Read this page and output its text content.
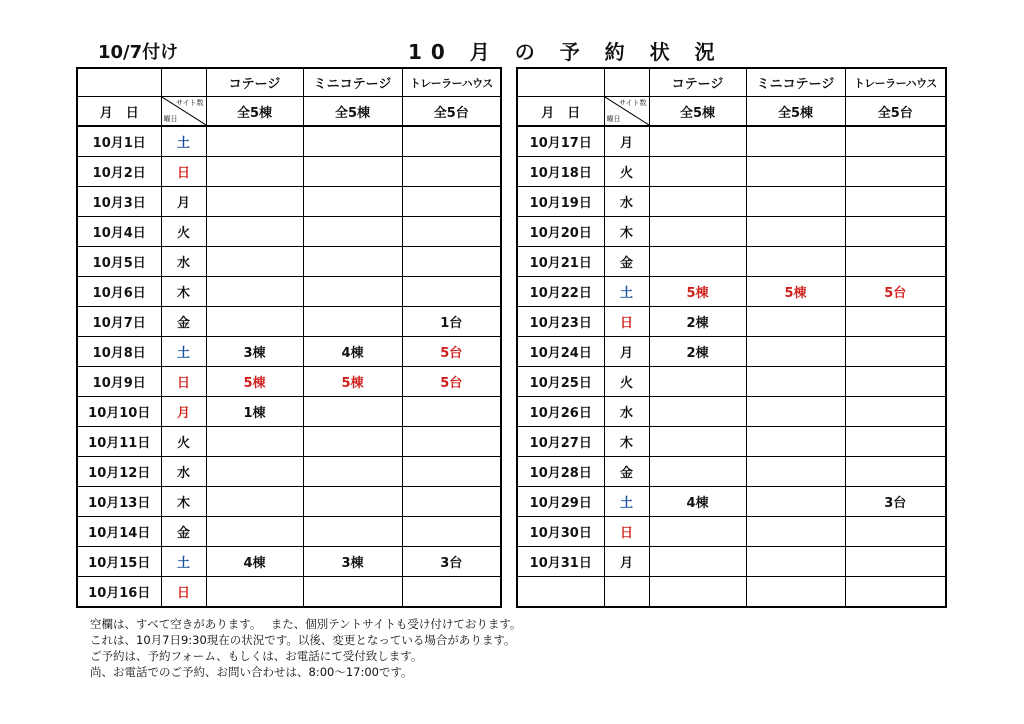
10/7付け	10 月 の 予 約 状 況
		コテージ	ミニコテージ	トレーラーハウス
月　日	サイト数
曜日	全5棟	全5棟	全5台
10月1日	土			
10月2日	日			
10月3日	月			
10月4日	火			
10月5日	水			
10月6日	木			
10月7日	金			1台
10月8日	土	3棟	4棟	5台
10月9日	日	5棟	5棟	5台
10月10日	月	1棟		
10月11日	火			
10月12日	水			
10月13日	木			
10月14日	金			
10月15日	土	4棟	3棟	3台
10月16日	日			
		コテージ	ミニコテージ	トレーラーハウス
月　日	サイト数
曜日	全5棟	全5棟	全5台
10月17日	月			
10月18日	火			
10月19日	水			
10月20日	木			
10月21日	金			
10月22日	土	5棟	5棟	5台
10月23日	日	2棟		
10月24日	月	2棟		
10月25日	火			
10月26日	水			
10月27日	木			
10月28日	金			
10月29日	土	4棟		3台
10月30日	日			
10月31日	月			

空欄は、すべて空きがあります。　 また、個別テントサイトも受け付けております。
これは、10月7日9:30現在の状況です。以後、変更となっている場合があります。
ご予約は、予約フォーム、もしくは、お電話にて受付致します。
尚、お電話でのご予約、お問い合わせは、8:00～17:00です。
